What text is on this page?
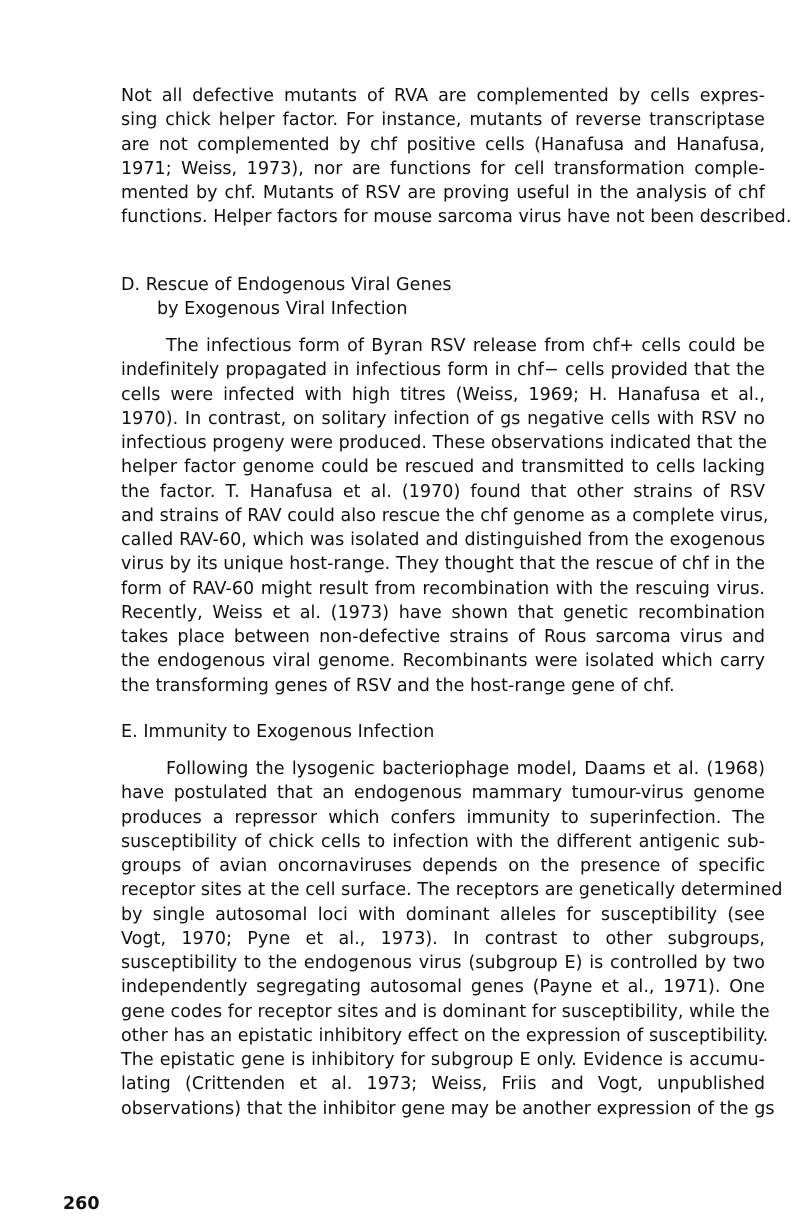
Not all defective mutants of RVA are complemented by cells expres-
sing chick helper factor. For instance, mutants of reverse transcriptase
are not complemented by chf positive cells (Hanafusa and Hanafusa,
1971; Weiss, 1973), nor are functions for cell transformation comple-
mented by chf. Mutants of RSV are proving useful in the analysis of chf
functions. Helper factors for mouse sarcoma virus have not been described.
D. Rescue of Endogenous Viral Genes
by Exogenous Viral Infection
The infectious form of Byran RSV release from chf+ cells could be
indefinitely propagated in infectious form in chf− cells provided that the
cells were infected with high titres (Weiss, 1969; H. Hanafusa et al.,
1970). In contrast, on solitary infection of gs negative cells with RSV no
infectious progeny were produced. These observations indicated that the
helper factor genome could be rescued and transmitted to cells lacking
the factor. T. Hanafusa et al. (1970) found that other strains of RSV
and strains of RAV could also rescue the chf genome as a complete virus,
called RAV-60, which was isolated and distinguished from the exogenous
virus by its unique host-range. They thought that the rescue of chf in the
form of RAV-60 might result from recombination with the rescuing virus.
Recently, Weiss et al. (1973) have shown that genetic recombination
takes place between non-defective strains of Rous sarcoma virus and
the endogenous viral genome. Recombinants were isolated which carry
the transforming genes of RSV and the host-range gene of chf.
E. Immunity to Exogenous Infection
Following the lysogenic bacteriophage model, Daams et al. (1968)
have postulated that an endogenous mammary tumour-virus genome
produces a repressor which confers immunity to superinfection. The
susceptibility of chick cells to infection with the different antigenic sub-
groups of avian oncornaviruses depends on the presence of specific
receptor sites at the cell surface. The receptors are genetically determined
by single autosomal loci with dominant alleles for susceptibility (see
Vogt, 1970; Pyne et al., 1973). In contrast to other subgroups,
susceptibility to the endogenous virus (subgroup E) is controlled by two
independently segregating autosomal genes (Payne et al., 1971). One
gene codes for receptor sites and is dominant for susceptibility, while the
other has an epistatic inhibitory effect on the expression of susceptibility.
The epistatic gene is inhibitory for subgroup E only. Evidence is accumu-
lating (Crittenden et al. 1973; Weiss, Friis and Vogt, unpublished
observations) that the inhibitor gene may be another expression of the gs
260
